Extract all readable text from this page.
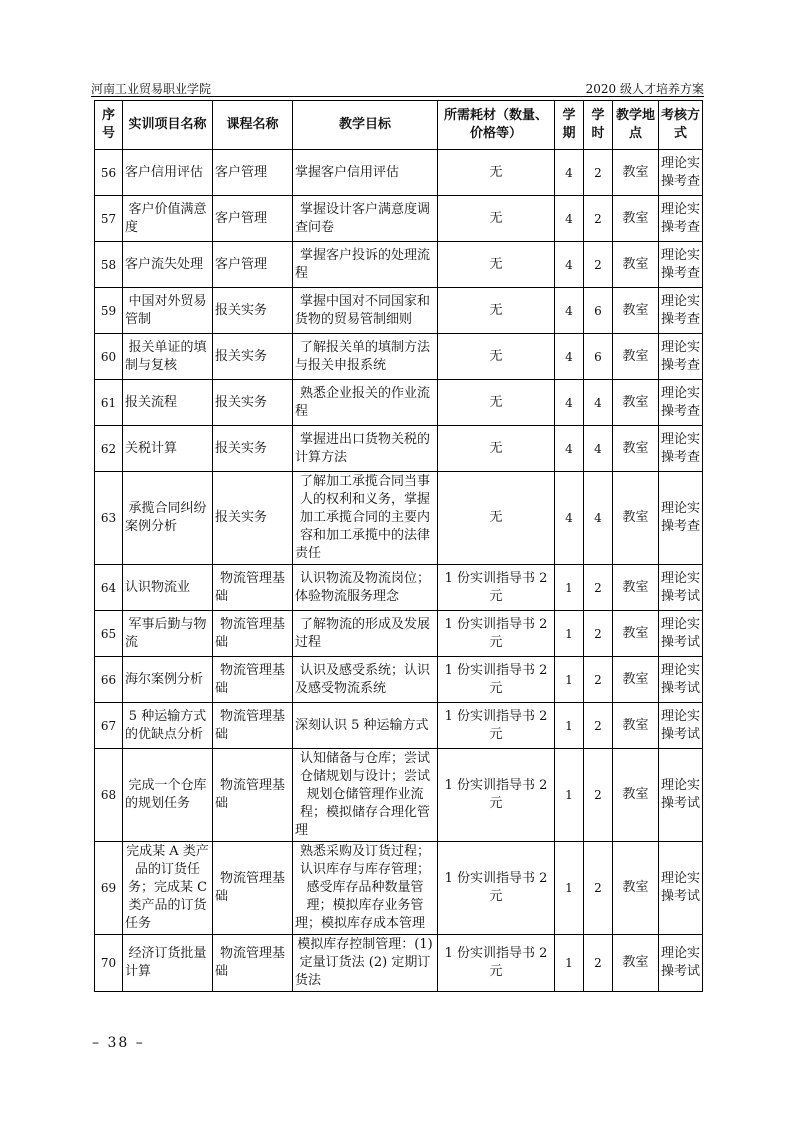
河南工业贸易职业学院	2020 级人才培养方案
序号	实训项目名称	课程名称	教学目标	所需耗材（数量、价格等）	学期	学时	教学地点	考核方式
56	客户信用评估	客户管理	掌握客户信用评估	无	4	2	教室	理论实操考查
57	客户价值满意度	客户管理	掌握设计客户满意度调查问卷	无	4	2	教室	理论实操考查
58	客户流失处理	客户管理	掌握客户投诉的处理流程	无	4	2	教室	理论实操考查
59	中国对外贸易管制	报关实务	掌握中国对不同国家和货物的贸易管制细则	无	4	6	教室	理论实操考查
60	报关单证的填制与复核	报关实务	了解报关单的填制方法与报关申报系统	无	4	6	教室	理论实操考查
61	报关流程	报关实务	熟悉企业报关的作业流程	无	4	4	教室	理论实操考查
62	关税计算	报关实务	掌握进出口货物关税的计算方法	无	4	4	教室	理论实操考查
63	承揽合同纠纷案例分析	报关实务	了解加工承揽合同当事人的权利和义务，掌握加工承揽合同的主要内容和加工承揽中的法律责任	无	4	4	教室	理论实操考查
64	认识物流业	物流管理基础	认识物流及物流岗位；体验物流服务理念	1 份实训指导书 2 元	1	2	教室	理论实操考试
65	军事后勤与物流	物流管理基础	了解物流的形成及发展过程	1 份实训指导书 2 元	1	2	教室	理论实操考试
66	海尔案例分析	物流管理基础	认识及感受系统；认识及感受物流系统	1 份实训指导书 2 元	1	2	教室	理论实操考试
67	5 种运输方式的优缺点分析	物流管理基础	深刻认识 5 种运输方式	1 份实训指导书 2 元	1	2	教室	理论实操考试
68	完成一个仓库的规划任务	物流管理基础	认知储备与仓库；尝试仓储规划与设计；尝试规划仓储管理作业流程；模拟储存合理化管理	1 份实训指导书 2 元	1	2	教室	理论实操考试
69	完成某 A 类产品的订货任务；完成某 C 类产品的订货任务	物流管理基础	熟悉采购及订货过程；认识库存与库存管理；感受库存品种数量管理；模拟库存业务管理；模拟库存成本管理	1 份实训指导书 2 元	1	2	教室	理论实操考试
70	经济订货批量计算	物流管理基础	模拟库存控制管理：(1) 定量订货法 (2) 定期订货法	1 份实训指导书 2 元	1	2	教室	理论实操考试
– 38 –
